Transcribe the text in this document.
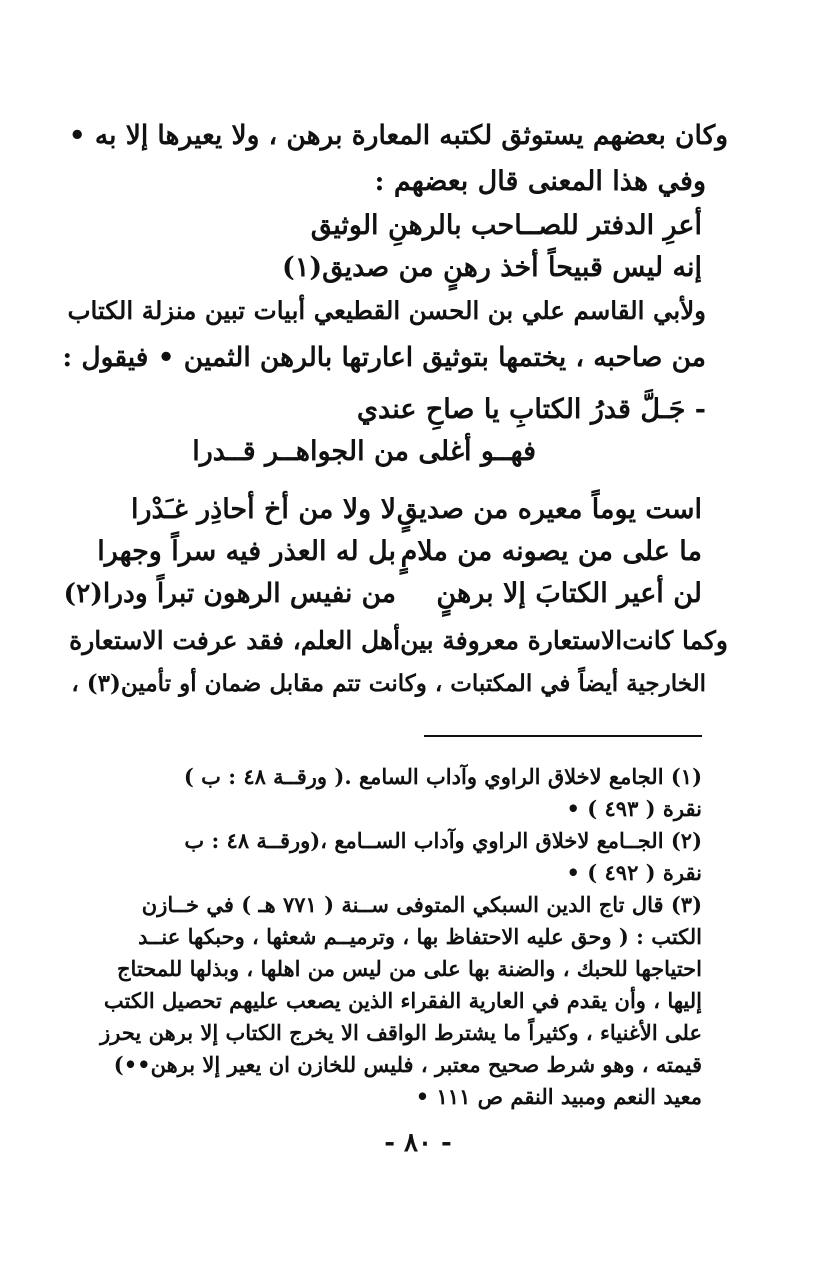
وكان بعضهم يستوثق لكتبه المعارة برهن ، ولا يعيرها إلا به •
وفي هذا المعنى قال بعضهم :
أعرِ الدفتر للصــاحب بالرهنِ الوثيق
إنه ليس قبيحاً أخذ رهنٍ من صديق(١)
ولأبي القاسم علي بن الحسن القطيعي أبيات تبين منزلة الكتاب
من صاحبه ، يختمها بتوثيق اعارتها بالرهن الثمين • فيقول :
- جَـلَّ قدرُ الكتابِ يا صاحِ عندي
فهــو أغلى من الجواهــر قــدرا
است يوماً معيره من صديقٍ
ما على من يصونه من ملامٍ
لن أعير الكتابَ إلا برهنٍ
لا ولا من أخ أحاذِر غـَدْرا
بل له العذر فيه سراً وجهرا
من نفيس الرهون تبراً ودرا(٢)
وكما كانت‌الاستعارة معروفة بين‌أهل العلم، فقد عرفت الاستعارة
الخارجية أيضاً في المكتبات ، وكانت تتم مقابل ضمان أو تأمين(٣) ،
(١) الجامع لاخلاق الراوي وآداب السامع .( ورقــة ٤٨ : ب )
نقرة ( ٤٩٣ ) •
(٢) الجــامع لاخلاق الراوي وآداب الســامع ،(ورقــة ٤٨ : ب
نقرة ( ٤٩٢ ) •
(٣) قال تاج الدين السبكي المتوفى ســنة ( ٧٧١ هـ ) في خــازن
الكتب : ( وحق عليه الاحتفاظ بها ، وترميــم شعثها ، وحبكها عنــد
احتياجها للحبك ، والضنة بها على من ليس من اهلها ، وبذلها للمحتاج
إليها ، وأن يقدم في العارية الفقراء الذين يصعب عليهم تحصيل الكتب
على الأغنياء ، وكثيراً ما يشترط الواقف الا يخرج الكتاب إلا برهن يحرز
قيمته ، وهو شرط صحيح معتبر ، فليس للخازن ان يعير إلا برهن••)
معيد النعم ومبيد النقم ص ١١١ •
- ٨٠ -
